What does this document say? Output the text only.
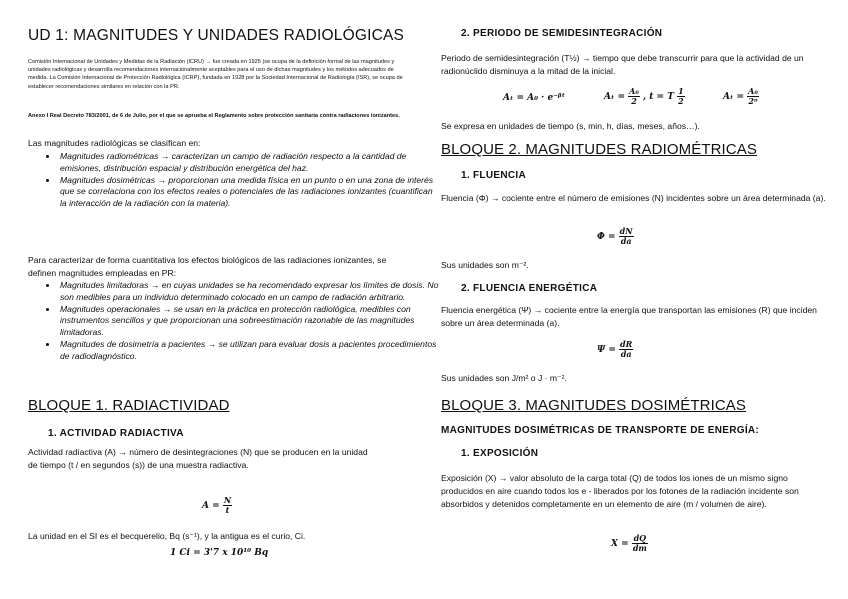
UD 1: MAGNITUDES Y UNIDADES RADIOLÓGICAS
Comisión Internacional de Unidades y Medidas de la Radiación (ICRU) → fue creada en 1925 (se ocupa de la definición formal de las magnitudes y unidades radiológicas y desarrolla recomendaciones internacionalmente aceptables para el uso de dichas magnitudes y los métodos adecuados de medida. La Comisión Internacional de Protección Radiológica (ICRP), fundada en 1928 por la Sociedad Internacional de Radiología (ISR), se ocupa de establecer recomendaciones similares en relación con la PR.
Anexo I Real Decreto 783/2001, de 6 de Julio, por el que se aprueba el Reglamento sobre protección sanitaria contra radiaciones ionizantes.
Las magnitudes radiológicas se clasifican en:
• Magnitudes radiométricas → caracterizan un campo de radiación respecto a la cantidad de emisiones, distribución espacial y distribución energética del haz.
• Magnitudes dosimétricas → proporcionan una medida física en un punto o en una zona de interés que se correlaciona con los efectos reales o potenciales de las radiaciones ionizantes (cuantifican la interacción de la radiación con la materia).
Para caracterizar de forma cuantitativa los efectos biológicos de las radiaciones ionizantes, se definen magnitudes empleadas en PR:
• Magnitudes limitadoras → en cuyas unidades se ha recomendado expresar los límites de dosis. No son medibles para un individuo determinado colocado en un campo de radiación arbitrario.
• Magnitudes operacionales → se usan en la práctica en protección radiológica, medibles con instrumentos sencillos y que proporcionan una sobreestimación razonable de las magnitudes limitadoras.
• Magnitudes de dosimetría a pacientes → se utilizan para evaluar dosis a pacientes procedimientos de radiodiagnóstico.
BLOQUE 1. RADIACTIVIDAD
1. ACTIVIDAD RADIACTIVA
Actividad radiactiva (A) → número de desintegraciones (N) que se producen en la unidad de tiempo (t / en segundos (s)) de una muestra radiactiva.
$A = \frac{N}{t}$
La unidad en el SI es el becquerelio, Bq (s⁻¹), y la antigua es el curio, Ci.
1 Ci = 3'7 x 10¹⁰ Bq
2. PERIODO DE SEMIDESINTEGRACIÓN
Periodo de semidesintegración (T½) → tiempo que debe transcurrir para que la actividad de un radionúclido disminuya a la mitad de la inicial.
Aₜ = A₀ · e⁻ᵝᵗ	$A_t = \frac{\text{A₀}}{2}$ , t = T $\frac{1}{2}$	$A_t = \frac{\text{A₀}}{\text{2ⁿ}}$
Se expresa en unidades de tiempo (s, min, h, días, meses, años…).
BLOQUE 2. MAGNITUDES RADIOMÉTRICAS
1. FLUENCIA
Fluencia (Φ) → cociente entre el número de emisiones (N) incidentes sobre un área determinada (a).
$\Phi = \frac{dN}{da}$
Sus unidades son m⁻².
2. FLUENCIA ENERGÉTICA
Fluencia energética (Ψ) → cociente entre la energía que transportan las emisiones (R) que inciden sobre un área determinada (a).
$\Psi = \frac{dR}{da}$
Sus unidades son J/m² o J · m⁻².
BLOQUE 3. MAGNITUDES DOSIMÉTRICAS
MAGNITUDES DOSIMÉTRICAS DE TRANSPORTE DE ENERGÍA:
1. EXPOSICIÓN
Exposición (X) → valor absoluto de la carga total (Q) de todos los iones de un mismo signo producidos en aire cuando todos los e - liberados por los fotones de la radiación incidente son absorbidos y detenidos completamente en un elemento de aire (m / volumen de aire).
$X = \frac{dQ}{dm}$
